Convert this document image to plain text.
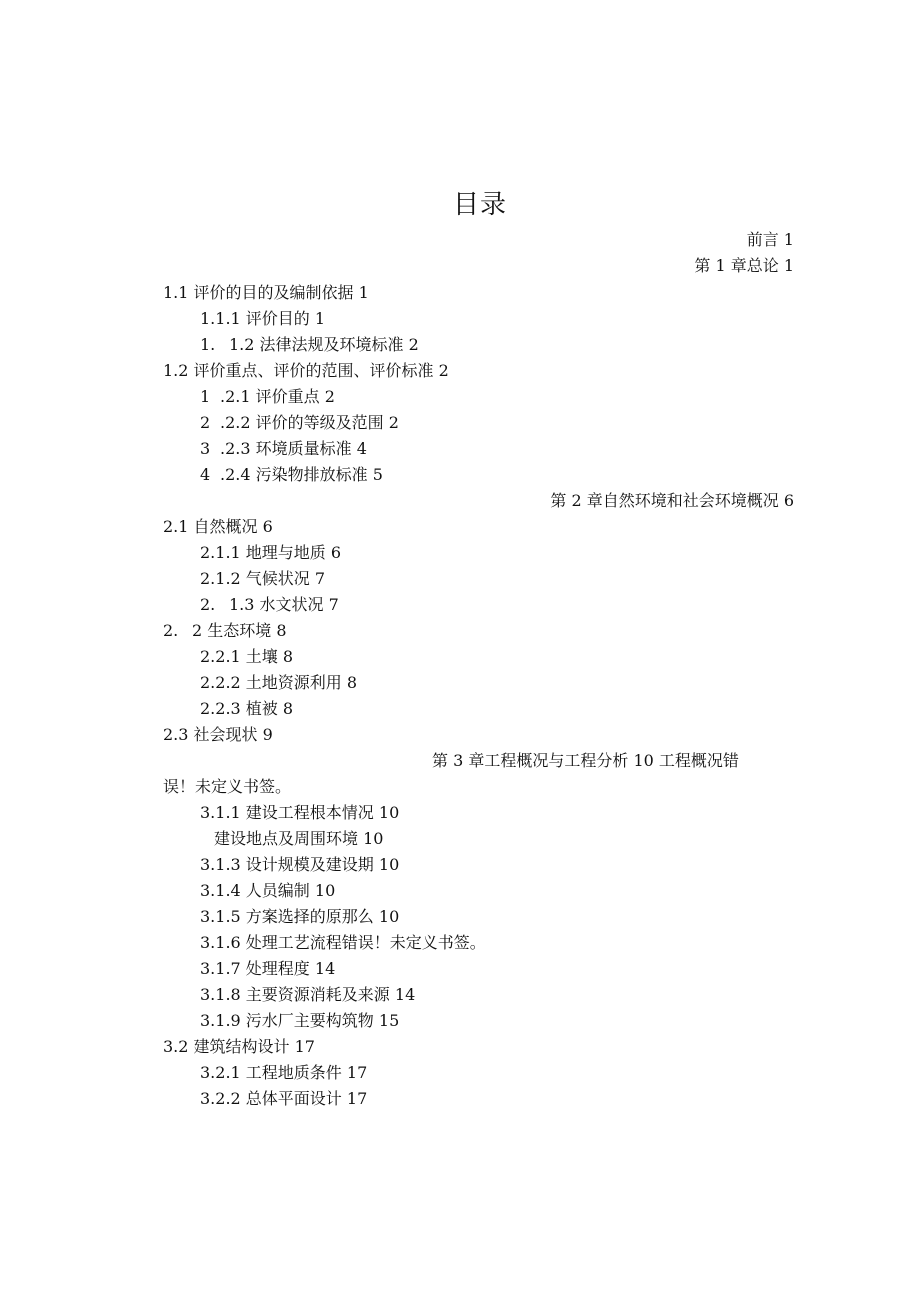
目录
前言 1
第 1 章总论 1
1.1 评价的目的及编制依据 1
1.1.1 评价目的 1
1. 1.2 法律法规及环境标准 2
1.2 评价重点、评价的范围、评价标准 2
1 .2.1 评价重点 2
2 .2.2 评价的等级及范围 2
3 .2.3 环境质量标准 4
4 .2.4 污染物排放标准 5
第 2 章自然环境和社会环境概况 6
2.1 自然概况 6
2.1.1 地理与地质 6
2.1.2 气候状况 7
2. 1.3 水文状况 7
2. 2 生态环境 8
2.2.1 土壤 8
2.2.2 土地资源利用 8
2.2.3 植被 8
2.3 社会现状 9
第 3 章工程概况与工程分析 10 工程概况错
误！未定义书签。
3.1.1 建设工程根本情况 10
建设地点及周围环境 10
3.1.3 设计规模及建设期 10
3.1.4 人员编制 10
3.1.5 方案选择的原那么 10
3.1.6 处理工艺流程错误！未定义书签。
3.1.7 处理程度 14
3.1.8 主要资源消耗及来源 14
3.1.9 污水厂主要构筑物 15
3.2 建筑结构设计 17
3.2.1 工程地质条件 17
3.2.2 总体平面设计 17
